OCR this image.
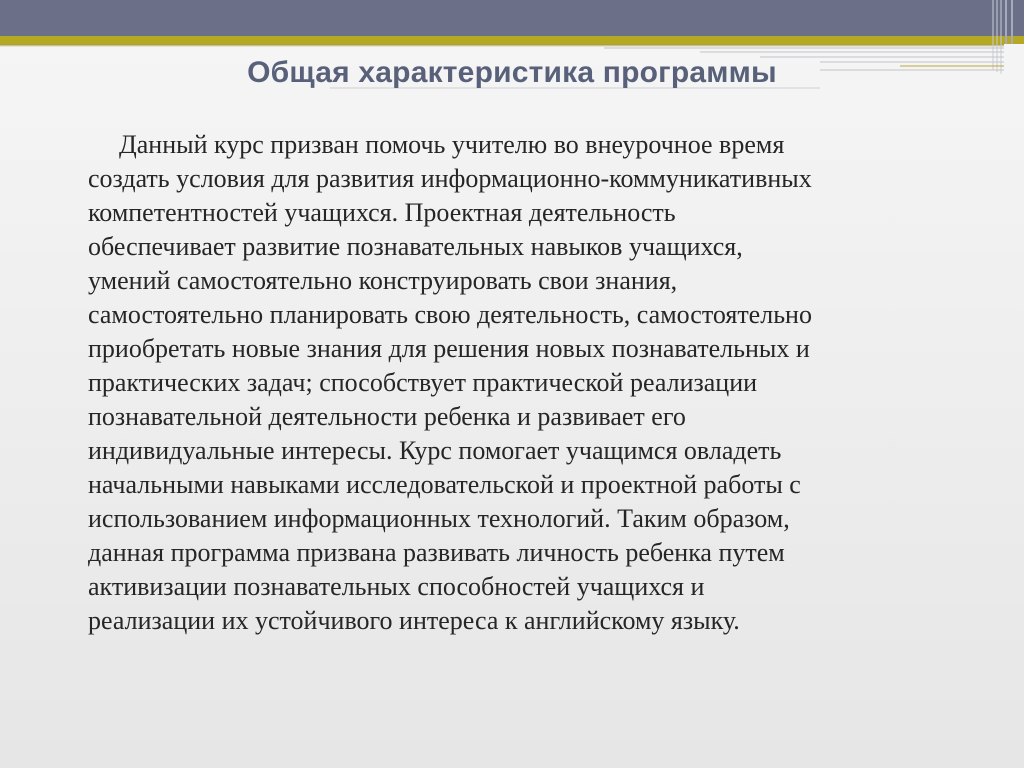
Общая характеристика программы

Данный курс призван помочь учителю во внеурочное время
создать условия для развития информационно-коммуникативных
компетентностей учащихся. Проектная деятельность
обеспечивает развитие познавательных навыков учащихся,
умений самостоятельно конструировать свои знания,
самостоятельно планировать свою деятельность, самостоятельно
приобретать новые знания для решения новых познавательных и
практических задач; способствует практической реализации
познавательной деятельности ребенка и развивает его
индивидуальные интересы. Курс помогает учащимся овладеть
начальными навыками исследовательской и проектной работы с
использованием информационных технологий. Таким образом,
данная программа призвана развивать личность ребенка путем
активизации познавательных способностей учащихся и
реализации их устойчивого интереса к английскому языку.
